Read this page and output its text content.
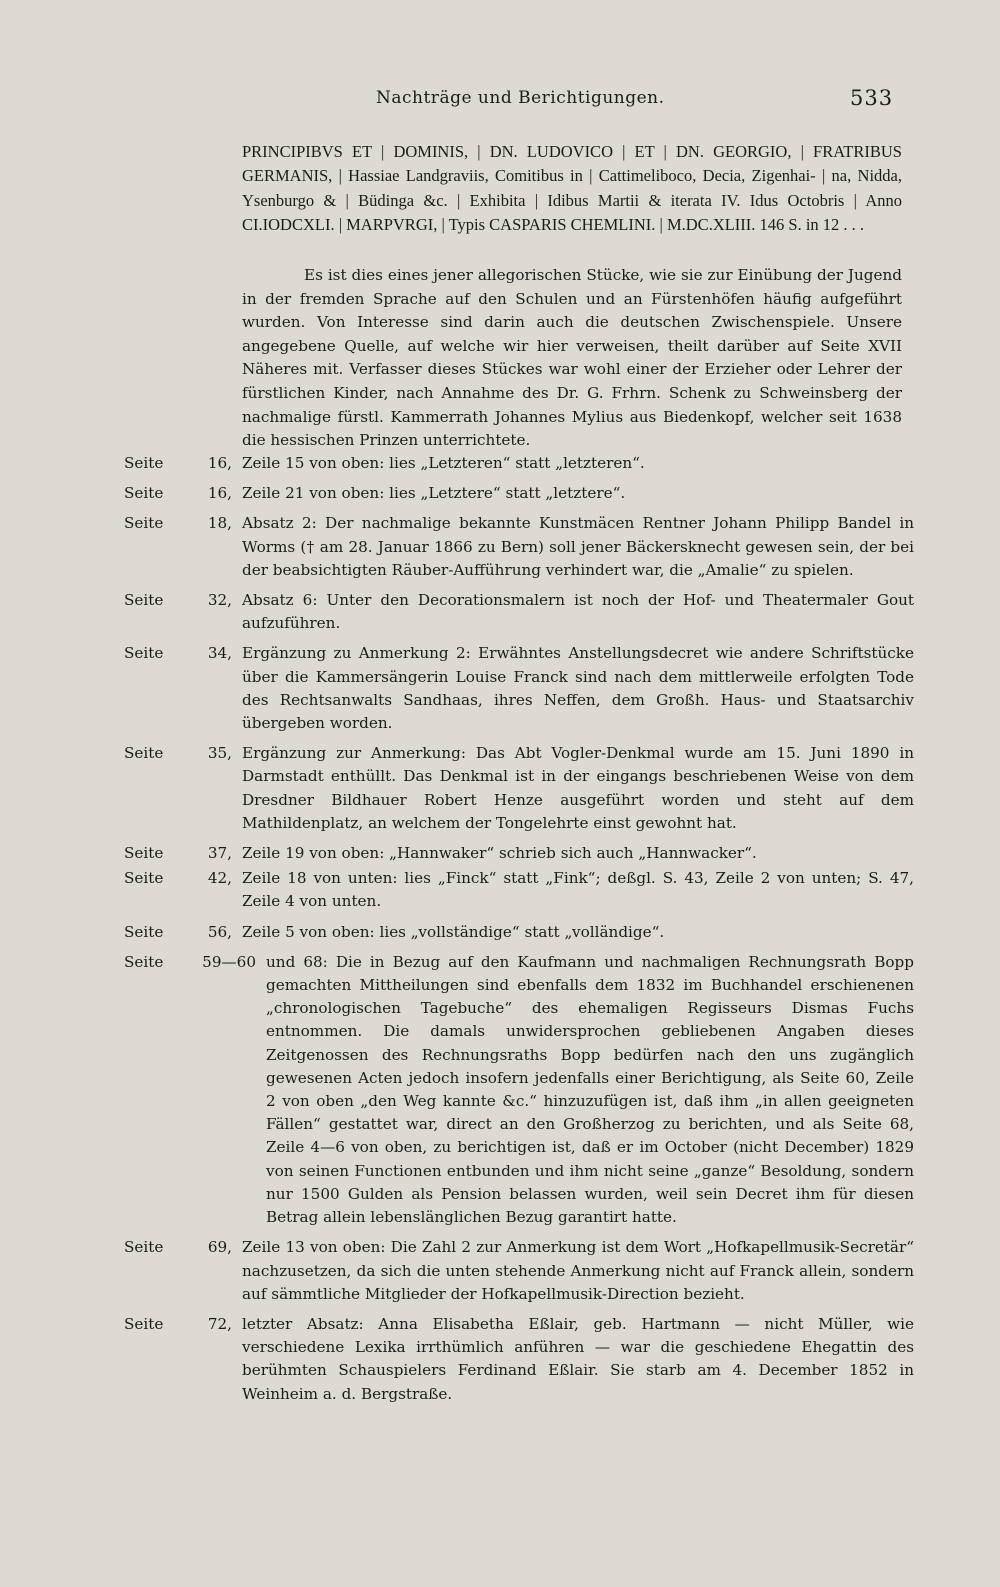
Nachträge und Berichtigungen.	533
PRINCIPIBVS ET | DOMINIS, | DN. LUDOVICO | ET | DN. GEORGIO, | FRATRIBUS GERMANIS, | Hassiae Landgraviis, Comitibus in | Cattimeliboco, Decia, Zigenhai- | na, Nidda, Ysenburgo & | Büdinga &c. | Exhibita | Idibus Martii & iterata IV. Idus Octobris | Anno CI.IODCXLI. | MARPVRGI, | Typis CASPARIS CHEMLINI. | M.DC.XLIII. 146 S. in 12 . . .
Es ist dies eines jener allegorischen Stücke, wie sie zur Einübung der Jugend in der fremden Sprache auf den Schulen und an Fürstenhöfen häufig aufgeführt wurden. Von Interesse sind darin auch die deutschen Zwischenspiele. Unsere angegebene Quelle, auf welche wir hier verweisen, theilt darüber auf Seite XVII Näheres mit. Verfasser dieses Stückes war wohl einer der Erzieher oder Lehrer der fürstlichen Kinder, nach Annahme des Dr. G. Frhrn. Schenk zu Schweinsberg der nachmalige fürstl. Kammerrath Johannes Mylius aus Biedenkopf, welcher seit 1638 die hessischen Prinzen unterrichtete.
Seite	16, Zeile 15 von oben: lies „Letzteren“ statt „letzteren“.
Seite	16, Zeile 21 von oben: lies „Letztere“ statt „letztere“.
Seite	18, Absatz 2: Der nachmalige bekannte Kunstmäcen Rentner Johann Philipp Bandel in Worms († am 28. Januar 1866 zu Bern) soll jener Bäckersknecht gewesen sein, der bei der beabsichtigten Räuber-Aufführung verhindert war, die „Amalie“ zu spielen.
Seite	32, Absatz 6: Unter den Decorationsmalern ist noch der Hof- und Theatermaler Gout aufzuführen.
Seite	34, Ergänzung zu Anmerkung 2: Erwähntes Anstellungsdecret wie andere Schriftstücke über die Kammersängerin Louise Franck sind nach dem mittlerweile erfolgten Tode des Rechtsanwalts Sandhaas, ihres Neffen, dem Großh. Haus- und Staatsarchiv übergeben worden.
Seite	35, Ergänzung zur Anmerkung: Das Abt Vogler-Denkmal wurde am 15. Juni 1890 in Darmstadt enthüllt. Das Denkmal ist in der eingangs beschriebenen Weise von dem Dresdner Bildhauer Robert Henze ausgeführt worden und steht auf dem Mathildenplatz, an welchem der Tongelehrte einst gewohnt hat.
Seite	37, Zeile 19 von oben: „Hannwaker“ schrieb sich auch „Hannwacker“.
Seite	42, Zeile 18 von unten: lies „Finck“ statt „Fink“; deßgl. S. 43, Zeile 2 von unten; S. 47, Zeile 4 von unten.
Seite	56, Zeile 5 von oben: lies „vollständige“ statt „volländige“.
Seite	59—60 und 68: Die in Bezug auf den Kaufmann und nachmaligen Rechnungsrath Bopp gemachten Mittheilungen sind ebenfalls dem 1832 im Buchhandel erschienenen „chronologischen Tagebuche“ des ehemaligen Regisseurs Dismas Fuchs entnommen. Die damals unwidersprochen gebliebenen Angaben dieses Zeitgenossen des Rechnungsraths Bopp bedürfen nach den uns zugänglich gewesenen Acten jedoch insofern jedenfalls einer Berichtigung, als Seite 60, Zeile 2 von oben „den Weg kannte &c.“ hinzuzufügen ist, daß ihm „in allen geeigneten Fällen“ gestattet war, direct an den Großherzog zu berichten, und als Seite 68, Zeile 4—6 von oben, zu berichtigen ist, daß er im October (nicht December) 1829 von seinen Functionen entbunden und ihm nicht seine „ganze“ Besoldung, sondern nur 1500 Gulden als Pension belassen wurden, weil sein Decret ihm für diesen Betrag allein lebenslänglichen Bezug garantirt hatte.
Seite	69, Zeile 13 von oben: Die Zahl 2 zur Anmerkung ist dem Wort „Hofkapellmusik-Secretär“ nachzusetzen, da sich die unten stehende Anmerkung nicht auf Franck allein, sondern auf sämmtliche Mitglieder der Hofkapellmusik-Direction bezieht.
Seite	72, letzter Absatz: Anna Elisabetha Eßlair, geb. Hartmann — nicht Müller, wie verschiedene Lexika irrthümlich anführen — war die geschiedene Ehegattin des berühmten Schauspielers Ferdinand Eßlair. Sie starb am 4. December 1852 in Weinheim a. d. Bergstraße.
